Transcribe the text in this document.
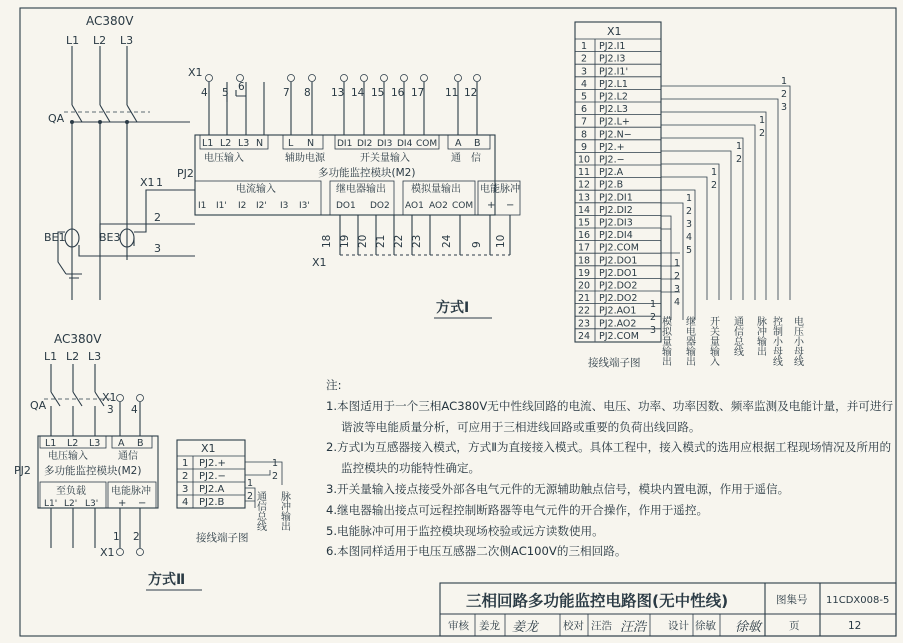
AC380V
L1 L2 L3
QA
BE1	BE3
2
3
X1 1
PJ2	多功能监控模块(M2)
L1 L2 L3 N	L N	DI1 DI2 DI3 DI4 COM A B
电压输入	辅助电源	开关量输入	通　信
电流输入	继电器输出	模拟量输出 电能脉冲
I1 I1' I2 I2' I3 I3'	DO1 DO2 AO1 AO2 COM + −
X1
4 5 6	7 8 13 14 15 16 17 11 12
X1
18 19 20 21 22 23 24 9 10
方式Ⅰ
AC380V
L1 L2 L3
QA
X1
3 4
L1 L2 L3 A B
电压输入	通信
PJ2 多功能监控模块(M2)
至负载	电能脉冲
L1' L2' L3' + −
X1
1 2
方式Ⅱ
X1
1 PJ2.+
2 PJ2.−
3 PJ2.A
4 PJ2.B
1
2
1
2 通信总线 脉冲输出
接线端子图
X1
1 PJ2.I1
2 PJ2.I3
3 PJ2.I1'
4 PJ2.L1
5 PJ2.L2
6 PJ2.L3
7 PJ2.L+
8 PJ2.N−
9 PJ2.+
10 PJ2.−
11 PJ2.A
12 PJ2.B
13 PJ2.DI1
14 PJ2.DI2
15 PJ2.DI3
16 PJ2.DI4
17 PJ2.COM
18 PJ2.DO1
19 PJ2.DO1
20 PJ2.DO2
21 PJ2.DO2
22 PJ2.AO1
23 PJ2.AO2
24 PJ2.COM
1
2
3
1
2
1
2
1
2
1
2
3
4
5
1
2
3
4
1
2
3 模拟量输出 继电器输出 开关量输入 通信总线 脉冲输出 控制小母线 电压小母线
接线端子图
三相回路多功能监控电路图(无中性线)	图集号 11CDX008-5
审核 姜龙 姜龙 校对 汪浩 汪浩 设计 徐敏 徐敏	页	12
注:
1.本图适用于一个三相AC380V无中性线回路的电流、电压、功率、功率因数、频率监测及电能计量，并可进行谐波等电能质量分析，可应用于三相进线回路或重要的负荷出线回路。
2.方式Ⅰ为互感器接入模式，方式Ⅱ为直接接入模式。具体工程中，接入模式的选用应根据工程现场情况及所用的监控模块的功能特性确定。
3.开关量输入接点接受外部各电气元件的无源辅助触点信号，模块内置电源，作用于遥信。
4.继电器输出接点可远程控制断路器等电气元件的开合操作，作用于遥控。
5.电能脉冲可用于监控模块现场校验或远方读数使用。
6.本图同样适用于电压互感器二次侧AC100V的三相回路。
